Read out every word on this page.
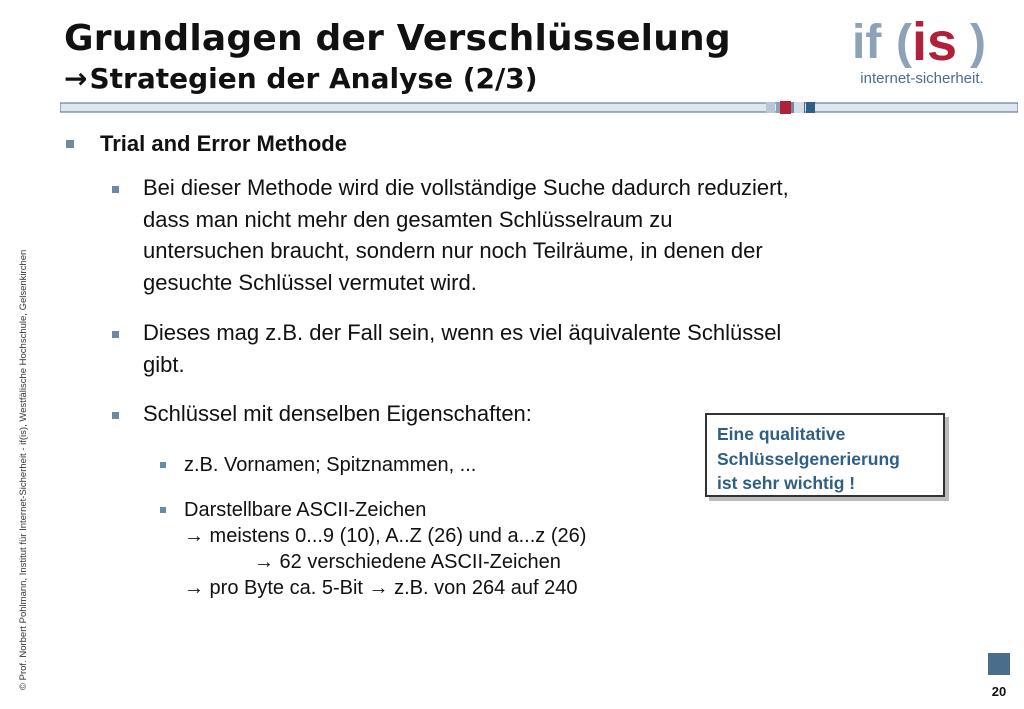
Grundlagen der Verschlüsselung
→Strategien der Analyse (2/3)
if ( is )
internet-sicherheit.
© Prof. Norbert Pohlmann, Institut für Internet-Sicherheit - if(is), Westfälische Hochschule, Gelsenkirchen
Trial and Error Methode
Bei dieser Methode wird die vollständige Suche dadurch reduziert,
dass man nicht mehr den gesamten Schlüsselraum zu
untersuchen braucht, sondern nur noch Teilräume, in denen der
gesuchte Schlüssel vermutet wird.
Dieses mag z.B. der Fall sein, wenn es viel äquivalente Schlüssel
gibt.
Schlüssel mit denselben Eigenschaften:
z.B. Vornamen; Spitznammen, ...
Darstellbare ASCII-Zeichen
→ meistens 0...9 (10), A..Z (26) und a...z (26)
→ 62 verschiedene ASCII-Zeichen
→ pro Byte ca. 5-Bit → z.B. von 264 auf 240
Eine qualitative
Schlüsselgenerierung
ist sehr wichtig !
20
